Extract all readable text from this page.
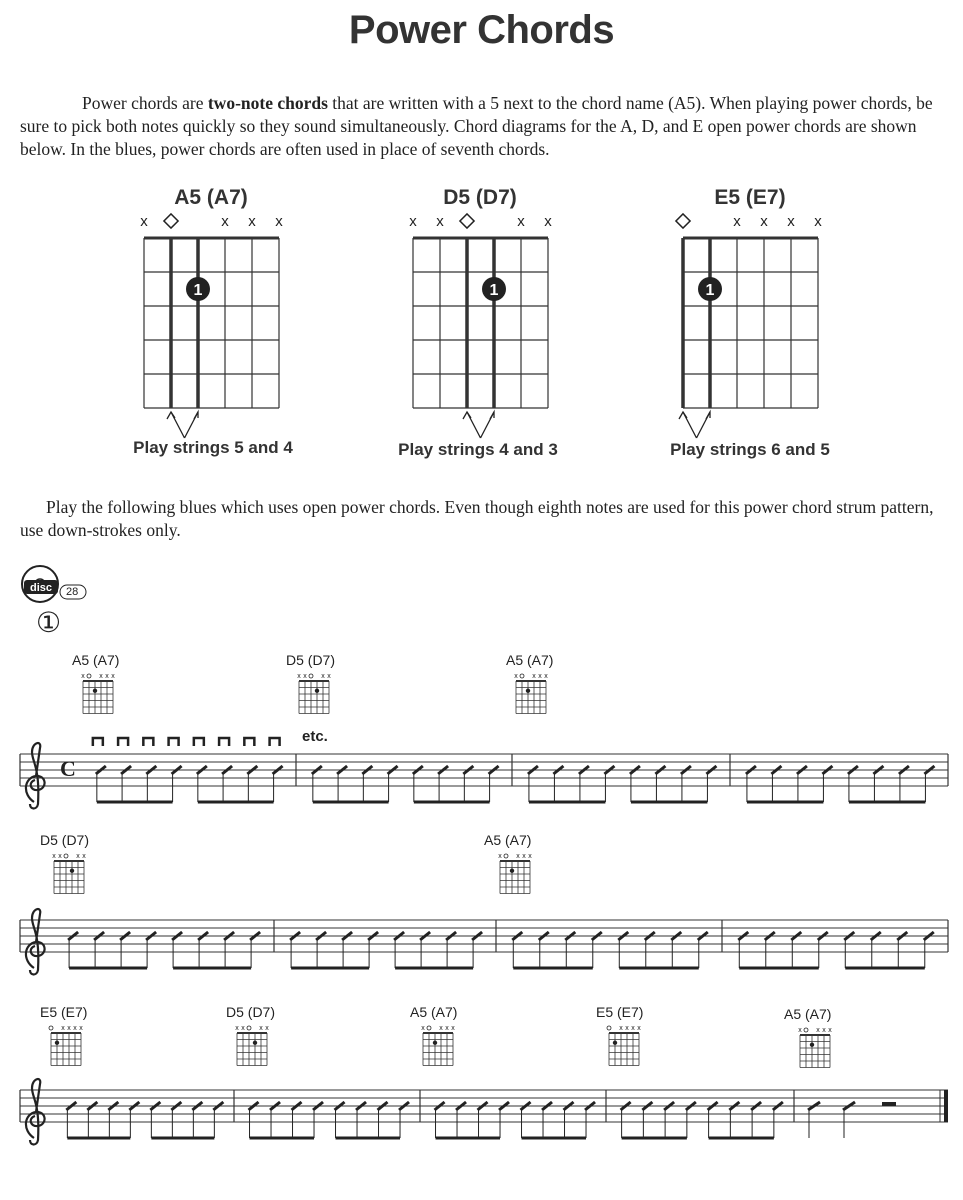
Power Chords
Power chords are two-note chords that are written with a 5 next to the chord name (A5). When playing power chords, be sure to pick both notes quickly so they sound simultaneously. Chord diagrams for the A, D, and E open power chords are shown below. In the blues, power chords are often used in place of seventh chords.
A5 (A7)	D5 (D7)	E5 (E7)
x	x x x
1
x x	x x
1
x x x x
1
Play strings 5 and 4	Play strings 4 and 3	Play strings 6 and 5
Play the following blues which uses open power chords. Even though eighth notes are used for this power chord strum pattern, use down-strokes only.
disc 28
①
A5 (A7)	D5 (D7)	A5 (A7)
etc.
D5 (D7)	A5 (A7)
E5 (E7)	D5 (D7)	A5 (A7)	E5 (E7)	A5 (A7)
x x x x	x x x x	x x x x
x x x x	x x x x
x x x x	x x x x	x x x x	x x x x	x x x x
C
